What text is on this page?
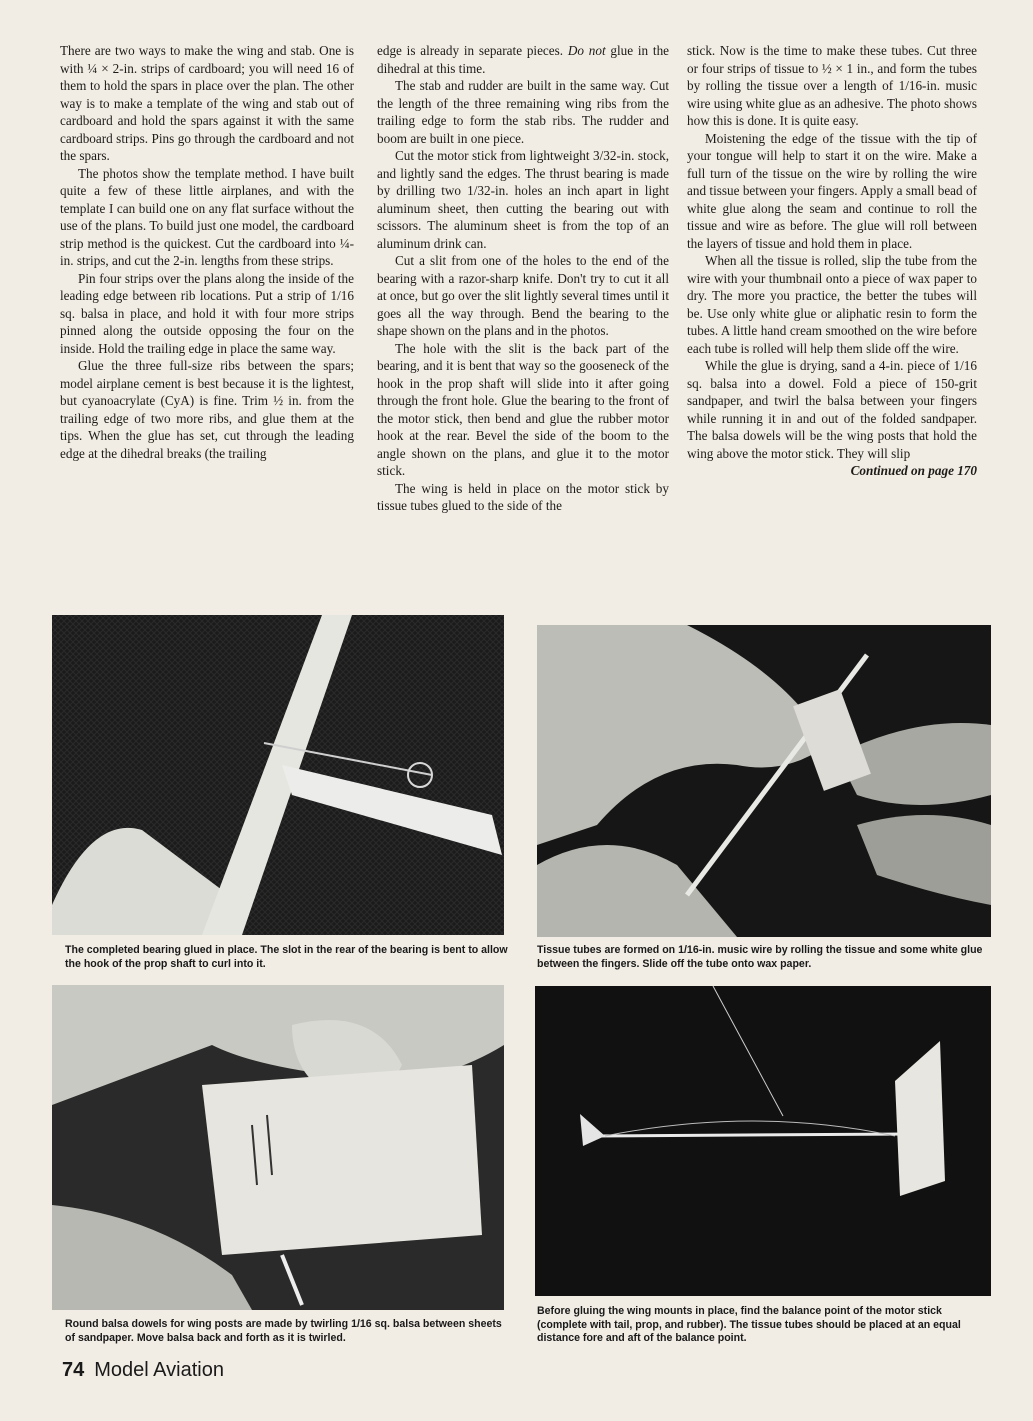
There are two ways to make the wing and stab. One is with ¼ × 2-in. strips of cardboard; you will need 16 of them to hold the spars in place over the plan. The other way is to make a template of the wing and stab out of cardboard and hold the spars against it with the same cardboard strips. Pins go through the cardboard and not the spars.

The photos show the template method. I have built quite a few of these little airplanes, and with the template I can build one on any flat surface without the use of the plans. To build just one model, the cardboard strip method is the quickest. Cut the cardboard into ¼-in. strips, and cut the 2-in. lengths from these strips.

Pin four strips over the plans along the inside of the leading edge between rib locations. Put a strip of 1/16 sq. balsa in place, and hold it with four more strips pinned along the outside opposing the four on the inside. Hold the trailing edge in place the same way.

Glue the three full-size ribs between the spars; model airplane cement is best because it is the lightest, but cyanoacrylate (CyA) is fine. Trim ½ in. from the trailing edge of two more ribs, and glue them at the tips. When the glue has set, cut through the leading edge at the dihedral breaks (the trailing

edge is already in separate pieces. Do not glue in the dihedral at this time.

The stab and rudder are built in the same way. Cut the length of the three remaining wing ribs from the trailing edge to form the stab ribs. The rudder and boom are built in one piece.

Cut the motor stick from lightweight 3/32-in. stock, and lightly sand the edges. The thrust bearing is made by drilling two 1/32-in. holes an inch apart in light aluminum sheet, then cutting the bearing out with scissors. The aluminum sheet is from the top of an aluminum drink can.

Cut a slit from one of the holes to the end of the bearing with a razor-sharp knife. Don't try to cut it all at once, but go over the slit lightly several times until it goes all the way through. Bend the bearing to the shape shown on the plans and in the photos.

The hole with the slit is the back part of the bearing, and it is bent that way so the gooseneck of the hook in the prop shaft will slide into it after going through the front hole. Glue the bearing to the front of the motor stick, then bend and glue the rubber motor hook at the rear. Bevel the side of the boom to the angle shown on the plans, and glue it to the motor stick.

The wing is held in place on the motor stick by tissue tubes glued to the side of the

stick. Now is the time to make these tubes. Cut three or four strips of tissue to ½ × 1 in., and form the tubes by rolling the tissue over a length of 1/16-in. music wire using white glue as an adhesive. The photo shows how this is done. It is quite easy.

Moistening the edge of the tissue with the tip of your tongue will help to start it on the wire. Make a full turn of the tissue on the wire by rolling the wire and tissue between your fingers. Apply a small bead of white glue along the seam and continue to roll the tissue and wire as before. The glue will roll between the layers of tissue and hold them in place.

When all the tissue is rolled, slip the tube from the wire with your thumbnail onto a piece of wax paper to dry. The more you practice, the better the tubes will be. Use only white glue or aliphatic resin to form the tubes. A little hand cream smoothed on the wire before each tube is rolled will help them slide off the wire.

While the glue is drying, sand a 4-in. piece of 1/16 sq. balsa into a dowel. Fold a piece of 150-grit sandpaper, and twirl the balsa between your fingers while running it in and out of the folded sandpaper. The balsa dowels will be the wing posts that hold the wing above the motor stick. They will slip

Continued on page 170
The completed bearing glued in place. The slot in the rear of the bearing is bent to allow the hook of the prop shaft to curl into it.
Tissue tubes are formed on 1/16-in. music wire by rolling the tissue and some white glue between the fingers. Slide off the tube onto wax paper.
Round balsa dowels for wing posts are made by twirling 1/16 sq. balsa between sheets of sandpaper. Move balsa back and forth as it is twirled.
Before gluing the wing mounts in place, find the balance point of the motor stick (complete with tail, prop, and rubber). The tissue tubes should be placed at an equal distance fore and aft of the balance point.
74 Model Aviation
